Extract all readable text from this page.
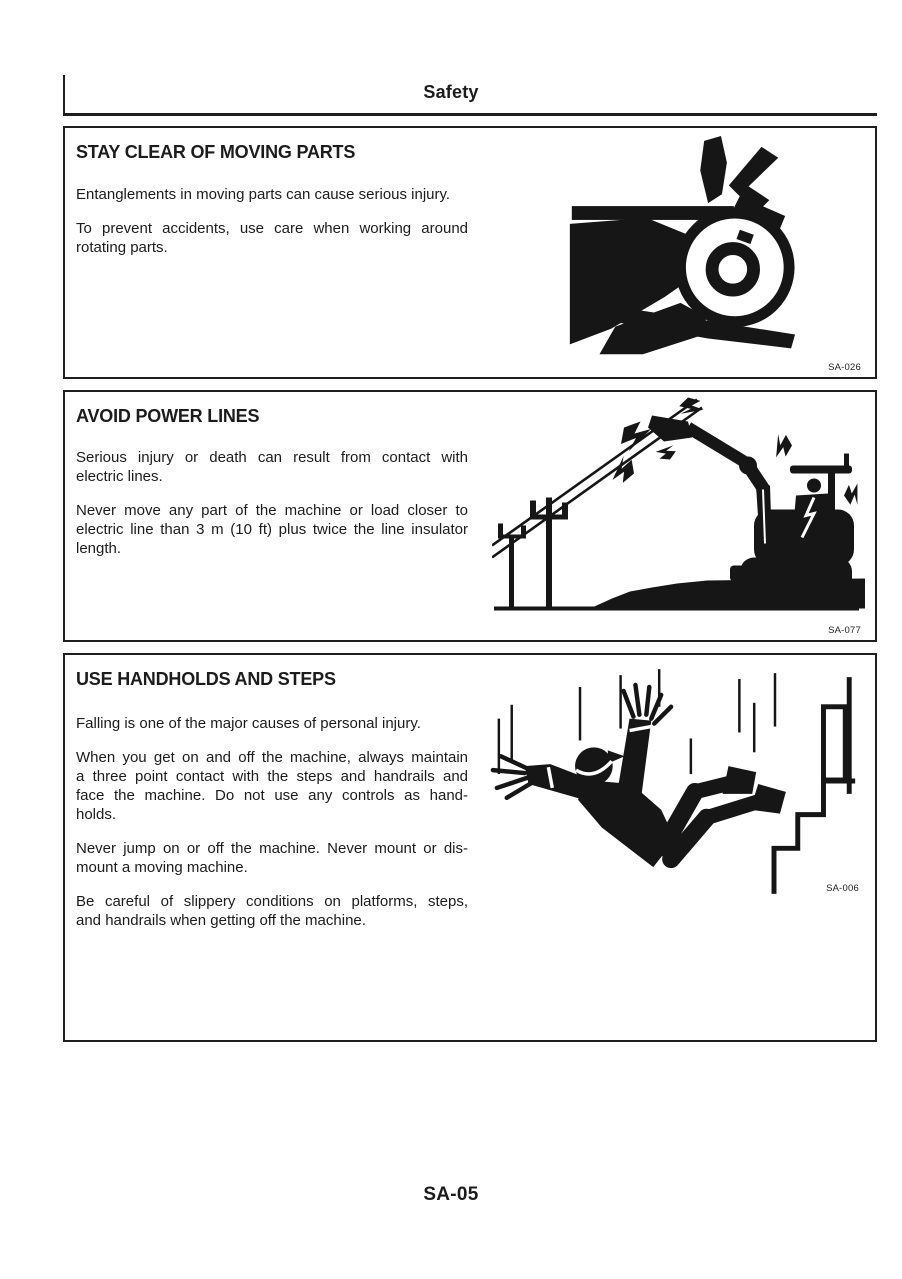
Safety
STAY CLEAR OF MOVING PARTS
Entanglements in moving parts can cause serious injury.
To prevent accidents, use care when working around
rotating parts.
SA-026
AVOID POWER LINES
Serious injury or death can result from contact with
electric lines.
Never move any part of the machine or load closer to
electric line than 3 m (10 ft) plus twice the line insulator
length.
SA-077
USE HANDHOLDS AND STEPS
Falling is one of the major causes of personal injury.
When you get on and off the machine, always maintain
a three point contact with the steps and handrails and
face the machine. Do not use any controls as hand-
holds.
Never jump on or off the machine. Never mount or dis-
mount a moving machine.
Be careful of slippery conditions on platforms, steps,
and handrails when getting off the machine.
SA-006
SA-05
